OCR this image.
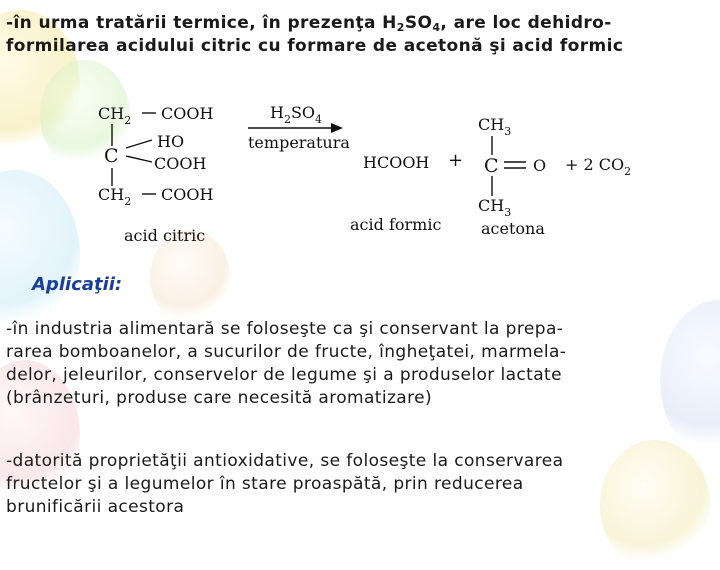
-în urma tratării termice, în prezenţa $H_2SO_4$, are loc dehidro-
formilarea acidului citric cu formare de acetonă şi acid formic
$CH_2$ COOH
C
HO
COOH
$CH_2$ COOH
acid citric
$H_2SO_4$
temperatura
HCOOH +
acid formic
$CH_3$
C O
$CH_3$
acetona
+ 2 $CO_2$
Aplicaţii:
-în industria alimentară se foloseşte ca şi conservant la prepa-
rarea bomboanelor, a sucurilor de fructe, îngheţatei, marmela-
delor, jeleurilor, conservelor de legume şi a produselor lactate
(brânzeturi, produse care necesită aromatizare)
-datorită proprietăţii antioxidative, se foloseşte la conservarea
fructelor şi a legumelor în stare proaspătă, prin reducerea
brunificării acestora
